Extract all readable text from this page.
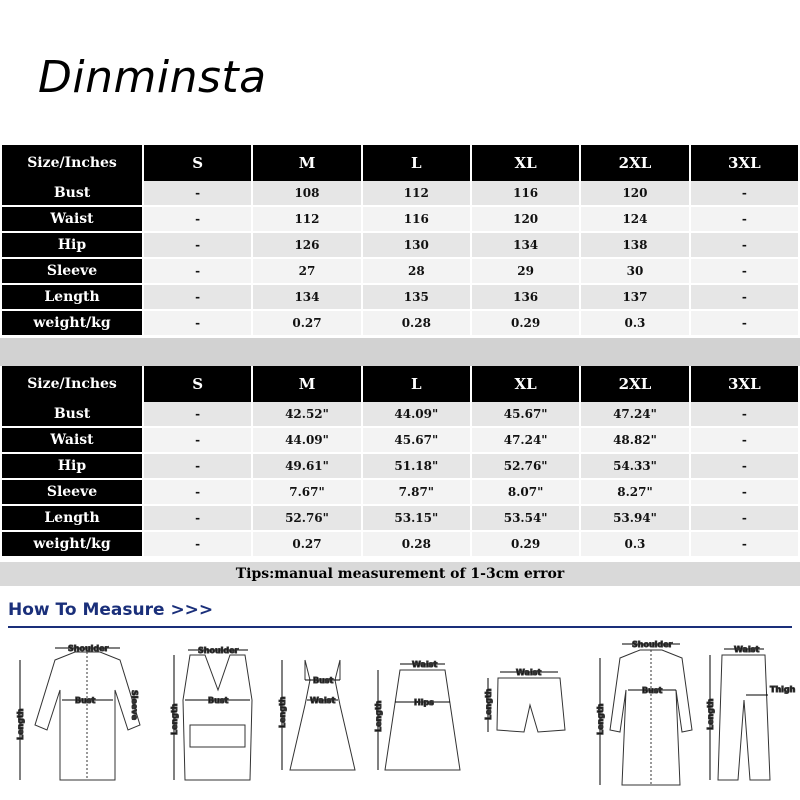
Dinminsta
Size/Inches	S	M	L	XL	2XL	3XL
Bust	-	108	112	116	120	-
Waist	-	112	116	120	124	-
Hip	-	126	130	134	138	-
Sleeve	-	27	28	29	30	-
Length	-	134	135	136	137	-
weight/kg	-	0.27	0.28	0.29	0.3	-
Size/Inches	S	M	L	XL	2XL	3XL
Bust	-	42.52"	44.09"	45.67"	47.24"	-
Waist	-	44.09"	45.67"	47.24"	48.82"	-
Hip	-	49.61"	51.18"	52.76"	54.33"	-
Sleeve	-	7.67"	7.87"	8.07"	8.27"	-
Length	-	52.76"	53.15"	53.54"	53.94"	-
weight/kg	-	0.27	0.28	0.29	0.3	-
Tips:manual measurement of 1-3cm error
How To Measure >>>
Shoulder
Bust
Length
Sleeve
Shoulder
Bust
Length
Bust
Waist
Length
Waist
Hips
Length
Waist
Length
Shoulder
Bust
Length
Waist
Thigh
Length
